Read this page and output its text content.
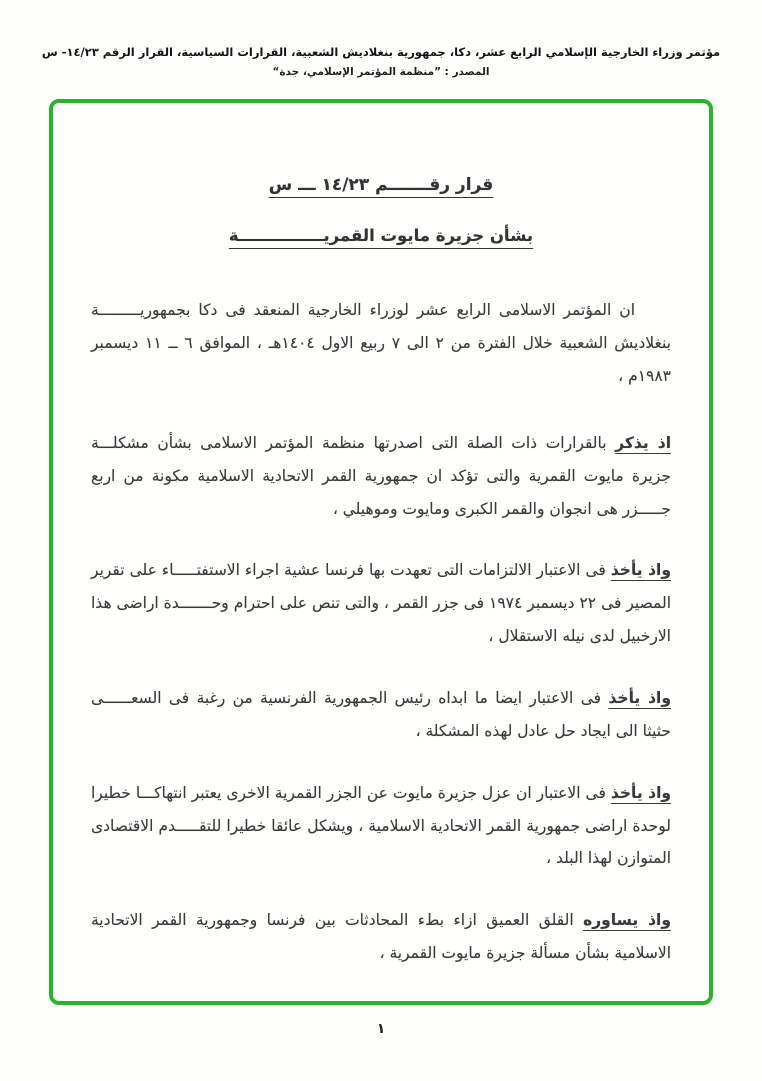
مؤتمر وزراء الخارجية الإسلامي الرابع عشر، دكا، جمهورية بنغلاديش الشعبية، القرارات السياسية، القرار الرقم ١٤/٢٣- س
المصدر : ”منظمة المؤتمر الإسلامي، جدة“
قرار رقـــــــم ١٤/٢٣ ـــ س
بشأن جزيرة مايوت القمريـــــــــــــــة

ان المؤتمر الاسلامى الرابع عشر لوزراء الخارجية المنعقد فى دكا بجمهوريـــــــــة بنغلاديش الشعبية خلال الفترة من ٢ الى ٧ ربيع الاول ١٤٠٤هـ ، الموافق ٦ ــ ١١ ديسمبر ١٩٨٣م ،

اذ يذكر بالقرارات ذات الصلة التى اصدرتها منظمة المؤتمر الاسلامى بشأن مشكلـــة جزيرة مايوت القمرية والتى تؤكد ان جمهورية القمر الاتحادية الاسلامية مكونة من اربع جـــــزر هى انجوان والقمر الكبرى ومايوت وموهيلي ،

واذ يأخذ فى الاعتبار الالتزامات التى تعهدت بها فرنسا عشية اجراء الاستفتـــــاء على تقرير المصير فى ٢٢ ديسمبر ١٩٧٤ فى جزر القمر ، والتى تنص على احترام وحـــــــدة اراضى هذا الارخبيل لدى نيله الاستقلال ،

واذ يأخذ فى الاعتبار ايضا ما ابداه رئيس الجمهورية الفرنسية من رغبة فى السعــــــى حثيثا الى ايجاد حل عادل لهذه المشكلة ،

واذ يأخذ فى الاعتبار ان عزل جزيرة مايوت عن الجزر القمرية الاخرى يعتبر انتهاكـــا خطيرا لوحدة اراضى جمهورية القمر الاتحادية الاسلامية ، ويشكل عائقا خطيرا للتقـــــدم الاقتصادى المتوازن لهذا البلد ،

واذ يساوره القلق العميق ازاء بطء المحادثات بين فرنسا وجمهورية القمر الاتحادية الاسلامية بشأن مسألة جزيرة مايوت القمرية ،

١
